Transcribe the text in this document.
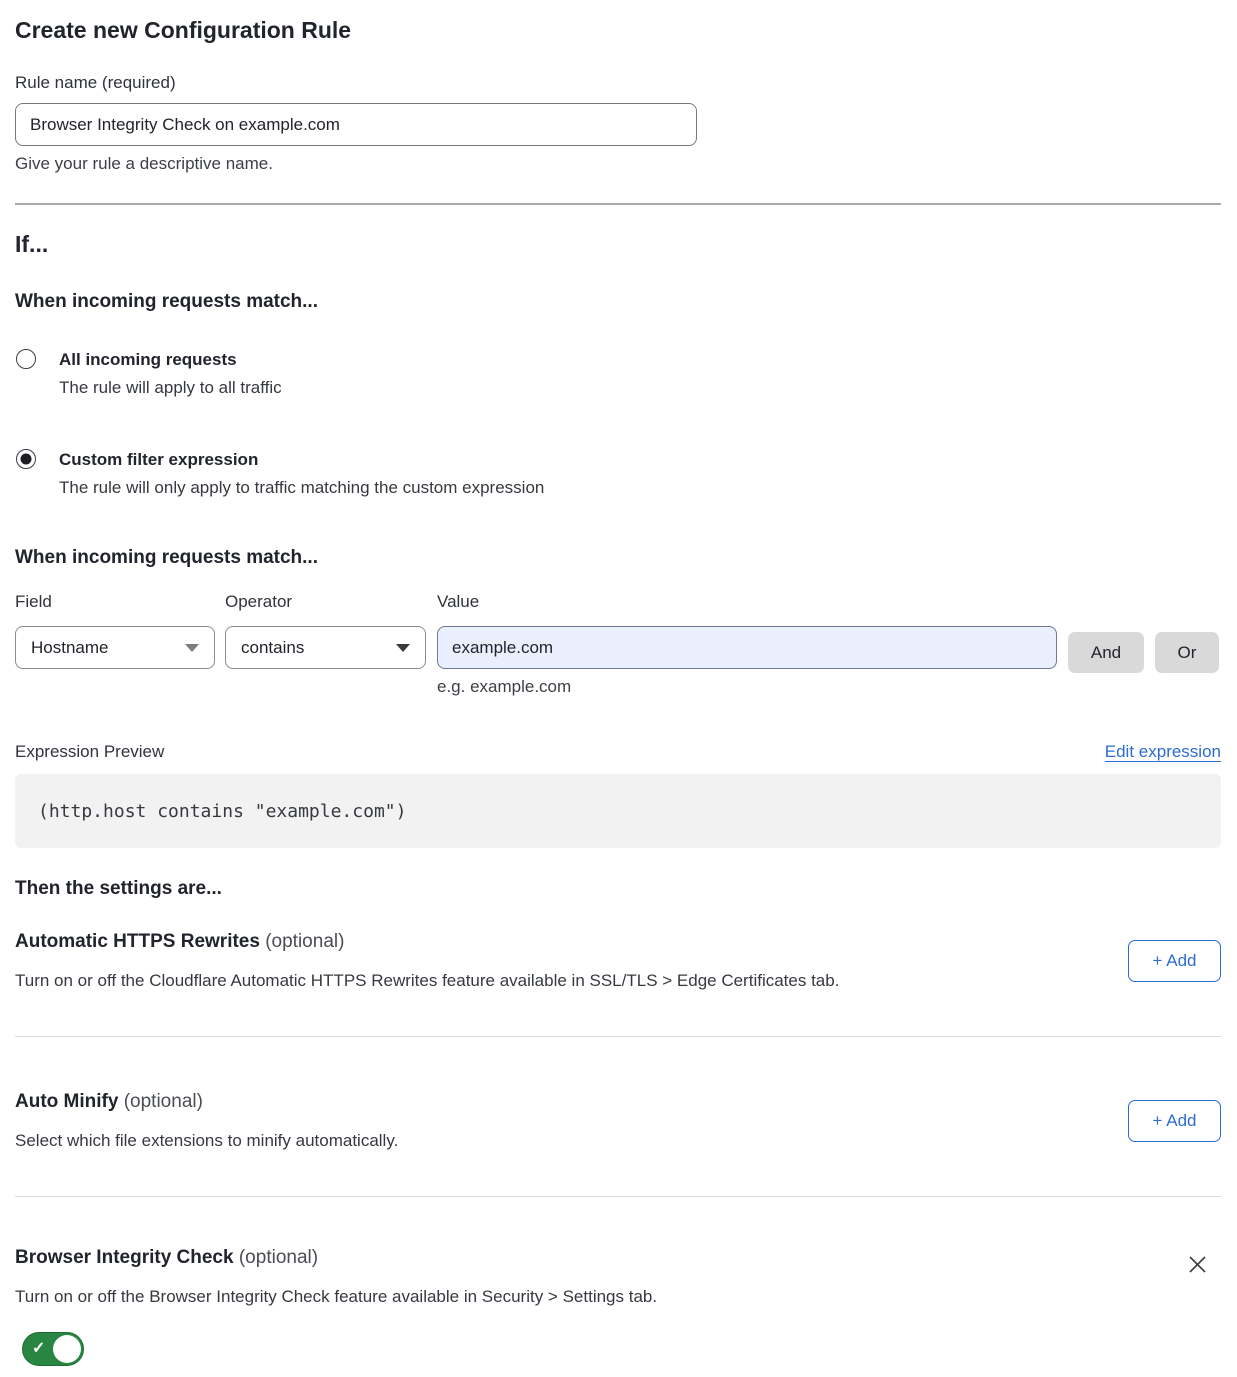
Create new Configuration Rule
Rule name (required)
Browser Integrity Check on example.com
Give your rule a descriptive name.
If...
When incoming requests match...
All incoming requests
The rule will apply to all traffic
Custom filter expression
The rule will only apply to traffic matching the custom expression
When incoming requests match...
Field
Hostname
Operator
contains
Value
example.com
e.g. example.com
And	Or
Expression Preview	Edit expression
(http.host contains "example.com")
Then the settings are...
Automatic HTTPS Rewrites (optional)
Turn on or off the Cloudflare Automatic HTTPS Rewrites feature available in SSL/TLS > Edge Certificates tab.
+ Add
Auto Minify (optional)
Select which file extensions to minify automatically.
+ Add
Browser Integrity Check (optional)
Turn on or off the Browser Integrity Check feature available in Security > Settings tab.
✓
